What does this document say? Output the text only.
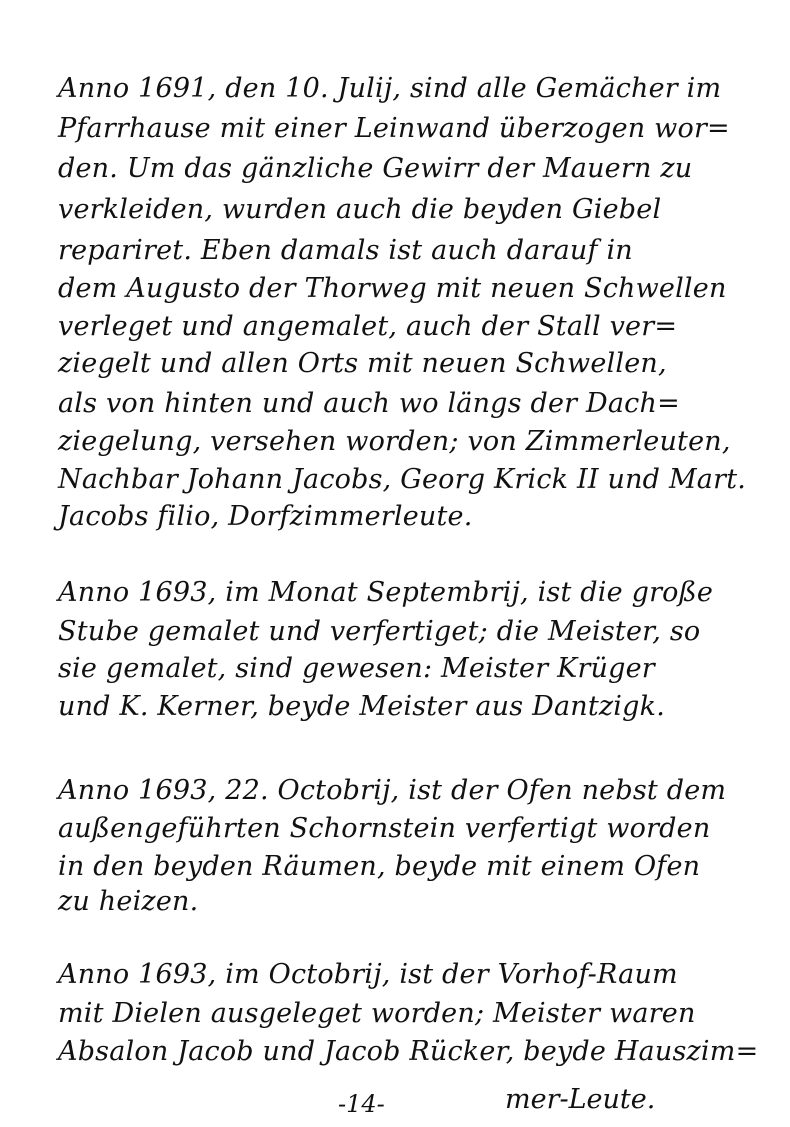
Anno 1691, den 10. Julij, sind alle Gemächer im
Pfarrhause mit einer Leinwand überzogen wor=
den. Um das gänzliche Gewirr der Mauern zu
verkleiden, wurden auch die beyden Giebel
repariret. Eben damals ist auch darauf in
dem Augusto der Thorweg mit neuen Schwellen
verleget und angemalet, auch der Stall ver=
ziegelt und allen Orts mit neuen Schwellen,
als von hinten und auch wo längs der Dach=
ziegelung, versehen worden; von Zimmerleuten,
Nachbar Johann Jacobs, Georg Krick II und Mart.
Jacobs filio, Dorfzimmerleute.
Anno 1693, im Monat Septembrij, ist die große
Stube gemalet und verfertiget; die Meister, so
sie gemalet, sind gewesen: Meister Krüger
und K. Kerner, beyde Meister aus Dantzigk.
Anno 1693, 22. Octobrij, ist der Ofen nebst dem
außengeführten Schornstein verfertigt worden
in den beyden Räumen, beyde mit einem Ofen
zu heizen.
Anno 1693, im Octobrij, ist der Vorhof-Raum
mit Dielen ausgeleget worden; Meister waren
Absalon Jacob und Jacob Rücker, beyde Hauszim=
mer-Leute.
-14-
